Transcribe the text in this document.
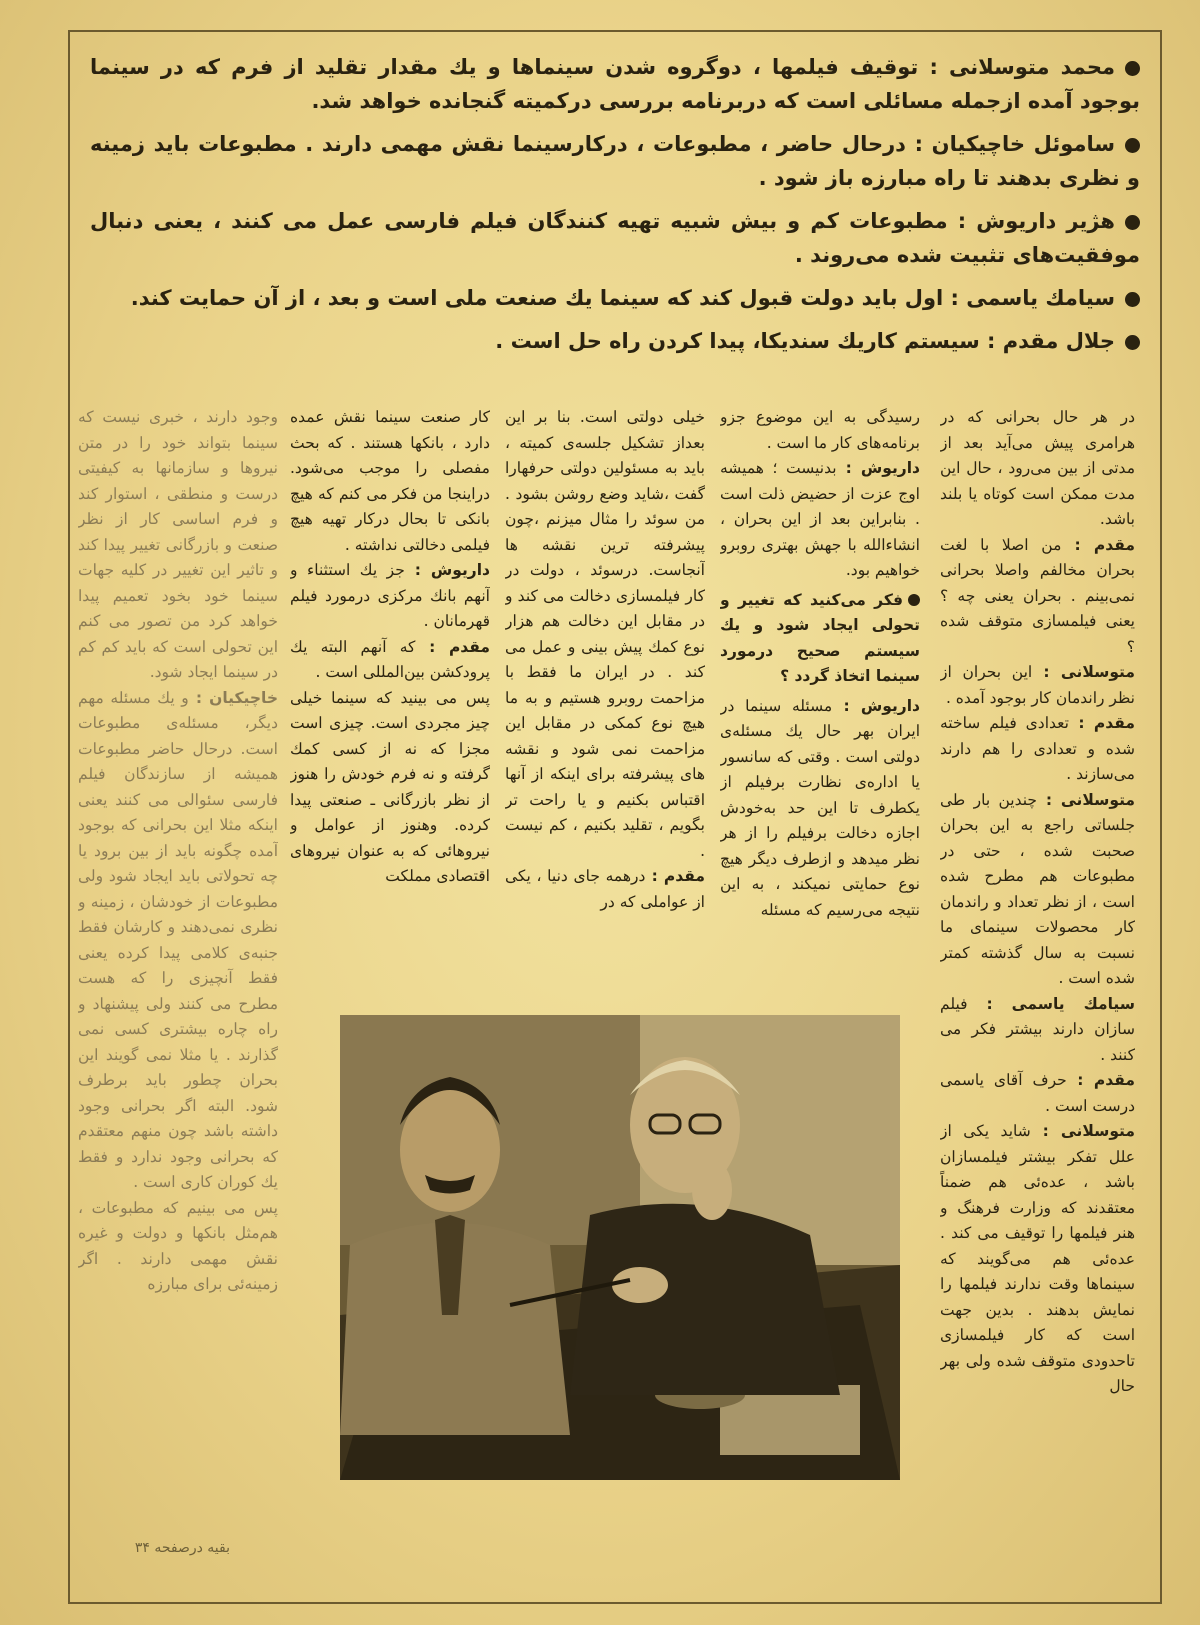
محمد متوسلانی : توقیف فیلمها ، دوگروه شدن سینماها و یك مقدار تقلید از فرم که در سینما بوجود آمده ازجمله مسائلی است که دربرنامه بررسی درکمیته گنجانده خواهد شد.

ساموئل خاچیکیان : درحال حاضر ، مطبوعات ، درکارسینما نقش مهمی دارند . مطبوعات باید زمینه و نظری بدهند تا راه مبارزه باز شود .

هژیر داریوش : مطبوعات کم و بیش شبیه تهیه کنندگان فیلم فارسی عمل می کنند ، یعنی دنبال موفقیت‌های تثبیت شده می‌روند .

سیامك یاسمی : اول باید دولت قبول کند که سینما یك صنعت ملی است و بعد ، از آن حمایت کند.

جلال مقدم : سیستم کاریك سندیکا، پیدا کردن راه حل است .

در هر حال بحرانی که در هرامری پیش می‌آید بعد از مدتی از بین می‌رود ، حال این مدت ممکن است کوتاه یا بلند باشد.

مقدم : من اصلا با لغت بحران مخالفم واصلا بحرانی نمی‌بینم . بحران یعنی چه ؟ یعنی فیلمسازی متوقف شده ؟

متوسلانی : این بحران از نظر راندمان کار بوجود آمده .

مقدم : تعدادی فیلم ساخته شده و تعدادی را هم دارند می‌سازند .

متوسلانی : چندین بار طی جلساتی راجع به این بحران صحبت شده ، حتی در مطبوعات هم مطرح شده است ، از نظر تعداد و راندمان کار محصولات سینمای ما نسبت به سال گذشته کمتر شده است .

سیامك یاسمی : فیلم سازان دارند بیشتر فکر می کنند .

مقدم : حرف آقای یاسمی درست است .

متوسلانی : شاید یکی از علل تفکر بیشتر فیلمسازان باشد ، عده‌ئی هم ضمناً معتقدند که وزارت فرهنگ و هنر فیلمها را توقیف می کند . عده‌ئی هم می‌گویند که سینماها وقت ندارند فیلمها را نمایش بدهند . بدین جهت است که کار فیلمسازی تاحدودی متوقف شده ولی بهر حال

رسیدگی به این موضوع جزو برنامه‌های کار ما است .

داریوش : بدنیست ؛ همیشه اوج عزت از حضیض ذلت است . بنابراین بعد از این بحران ، انشاءالله با جهش بهتری روبرو خواهیم بود.

فکر می‌کنید که تغییر و تحولی ایجاد شود و یك سیستم صحیح درمورد سینما اتخاذ گردد ؟

داریوش : مسئله سینما در ایران بهر حال یك مسئله‌ی دولتی است . وقتی که سانسور یا اداره‌ی نظارت برفیلم از یکطرف تا این حد به‌خودش اجازه دخالت برفیلم را از هر نظر میدهد و ازطرف دیگر هیچ نوع حمایتی نمیکند ، به این نتیجه می‌رسیم که مسئله

خیلی دولتی است. بنا بر این بعداز تشکیل جلسه‌ی کمیته ، باید به مسئولین دولتی حرفهارا گفت ،شاید وضع روشن بشود . من سوئد را مثال میزنم ،چون پیشرفته ترین نقشه ها آنجاست. درسوئد ، دولت در کار فیلمسازی دخالت می کند و در مقابل این دخالت هم هزار نوع کمك پیش بینی و عمل می کند . در ایران ما فقط با مزاحمت روبرو هستیم و به ما هیچ نوع کمکی در مقابل این مزاحمت نمی شود و نقشه های پیشرفته برای اینکه از آنها اقتباس بکنیم و یا راحت تر بگویم ، تقلید بکنیم ، کم نیست .

مقدم : درهمه جای دنیا ، یکی از عواملی که در

کار صنعت سینما نقش عمده دارد ، بانکها هستند . که بحث مفصلی را موجب می‌شود. دراینجا من فکر می کنم که هیچ بانکی تا بحال درکار تهیه هیچ فیلمی دخالتی نداشته .

داریوش : جز یك استثناء و آنهم بانك مرکزی درمورد فیلم قهرمانان .

مقدم : که آنهم البته یك پرودکشن بین‌المللی است .

پس می بینید که سینما خیلی چیز مجردی است. چیزی است مجزا که نه از کسی کمك گرفته و نه فرم خودش را هنوز از نظر بازرگانی ـ صنعتی پیدا کرده. وهنوز از عوامل و نیروهائی که به عنوان نیروهای اقتصادی مملکت

وجود دارند ، خبری نیست که سینما بتواند خود را در متن نیروها و سازمانها به کیفیتی درست و منطقی ، استوار کند و فرم اساسی کار از نظر صنعت و بازرگانی تغییر پیدا کند و تاثیر این تغییر در کلیه جهات سینما خود بخود تعمیم پیدا خواهد کرد من تصور می کنم این تحولی است که باید کم کم در سینما ایجاد شود.

خاچیکیان : و یك مسئله مهم دیگر، مسئله‌ی مطبوعات است. درحال حاضر مطبوعات همیشه از سازندگان فیلم فارسی سئوالی می کنند یعنی اینکه مثلا این بحرانی که بوجود آمده چگونه باید از بین برود یا چه تحولاتی باید ایجاد شود ولی مطبوعات از خودشان ، زمینه و نظری نمی‌دهند و کارشان فقط جنبه‌ی کلامی پیدا کرده یعنی فقط آنچیزی را که هست مطرح می کنند ولی پیشنهاد و راه چاره بیشتری کسی نمی گذارند . یا مثلا نمی گویند این بحران چطور باید برطرف شود. البته اگر بحرانی وجود داشته باشد چون منهم معتقدم که بحرانی وجود ندارد و فقط یك کوران کاری است .

پس می بینیم که مطبوعات ، هم‌مثل بانکها و دولت و غیره نقش مهمی دارند . اگر زمینه‌ئی برای مبارزه

بقیه درصفحه ۳۴
